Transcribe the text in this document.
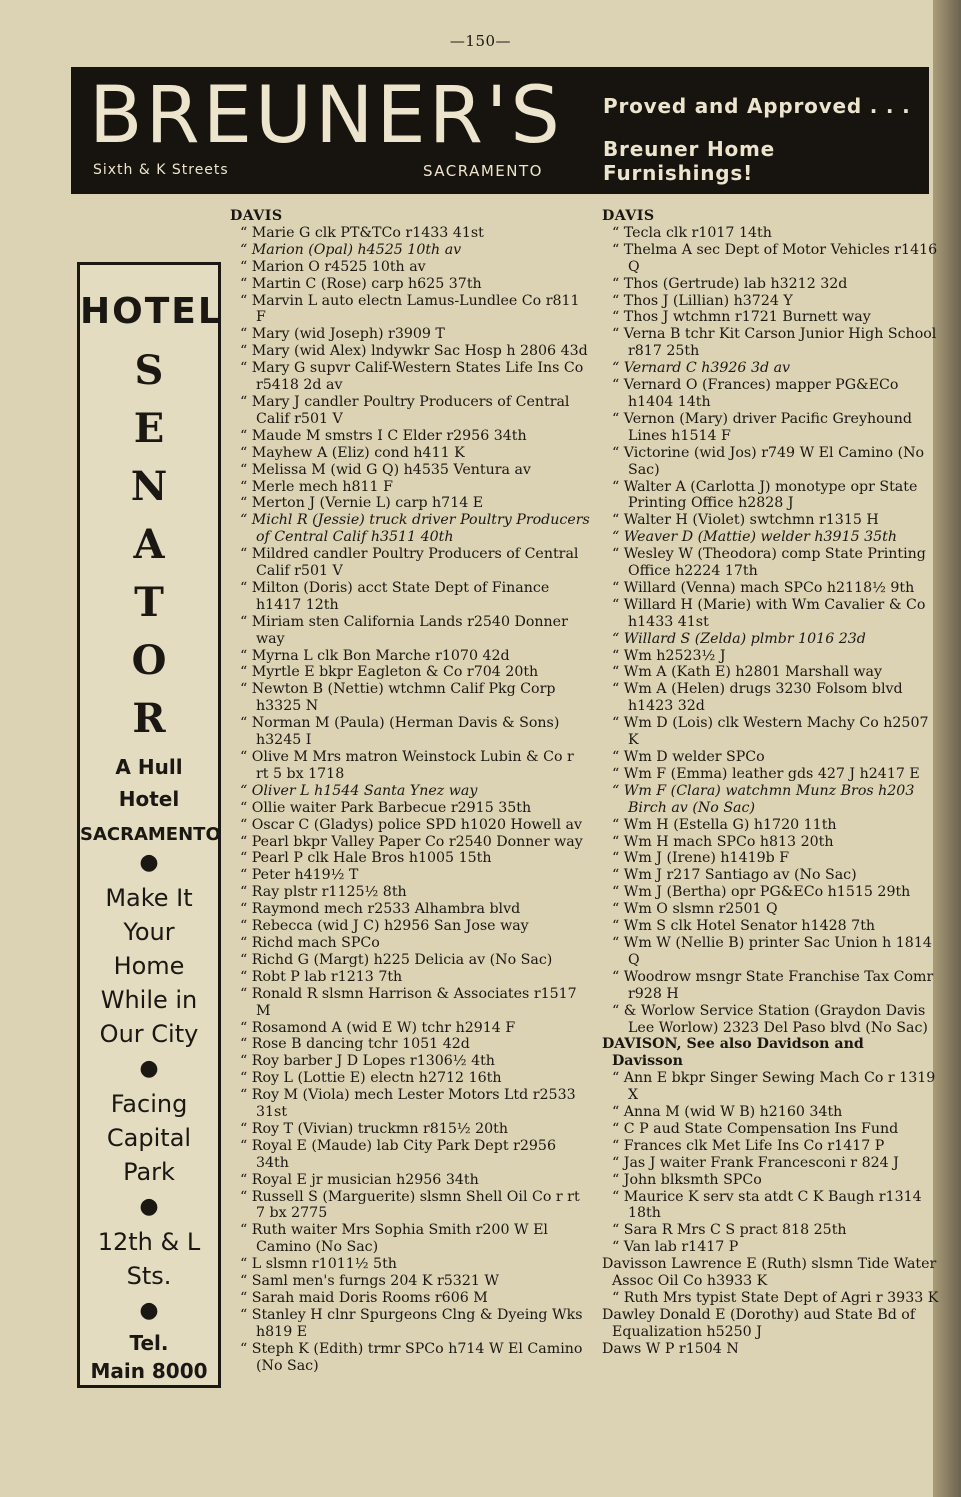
—150—
BREUNER'S
Sixth & K Streets	SACRAMENTO
Proved and Approved . . .
Breuner Home Furnishings!
HOTEL
S
E
N
A
T
O
R
A Hull
Hotel
SACRAMENTO
●
Make It
Your
Home
While in
Our City
●
Facing
Capital
Park
●
12th & L
Sts.
●
Tel.
Main 8000
DAVIS
“ Marie G clk PT&TCo r1433 41st
“ Marion (Opal) h4525 10th av
“ Marion O r4525 10th av
“ Martin C (Rose) carp h625 37th
“ Marvin L auto electn Lamus-Lundlee Co r811 F
“ Mary (wid Joseph) r3909 T
“ Mary (wid Alex) lndywkr Sac Hosp h 2806 43d
“ Mary G supvr Calif-Western States Life Ins Co r5418 2d av
“ Mary J candler Poultry Producers of Central Calif r501 V
“ Maude M smstrs I C Elder r2956 34th
“ Mayhew A (Eliz) cond h411 K
“ Melissa M (wid G Q) h4535 Ventura av
“ Merle mech h811 F
“ Merton J (Vernie L) carp h714 E
“ Michl R (Jessie) truck driver Poultry Producers of Central Calif h3511 40th
“ Mildred candler Poultry Producers of Central Calif r501 V
“ Milton (Doris) acct State Dept of Finance h1417 12th
“ Miriam sten California Lands r2540 Donner way
“ Myrna L clk Bon Marche r1070 42d
“ Myrtle E bkpr Eagleton & Co r704 20th
“ Newton B (Nettie) wtchmn Calif Pkg Corp h3325 N
“ Norman M (Paula) (Herman Davis & Sons) h3245 I
“ Olive M Mrs matron Weinstock Lubin & Co r rt 5 bx 1718
“ Oliver L h1544 Santa Ynez way
“ Ollie waiter Park Barbecue r2915 35th
“ Oscar C (Gladys) police SPD h1020 Howell av
“ Pearl bkpr Valley Paper Co r2540 Donner way
“ Pearl P clk Hale Bros h1005 15th
“ Peter h419½ T
“ Ray plstr r1125½ 8th
“ Raymond mech r2533 Alhambra blvd
“ Rebecca (wid J C) h2956 San Jose way
“ Richd mach SPCo
“ Richd G (Margt) h225 Delicia av (No Sac)
“ Robt P lab r1213 7th
“ Ronald R slsmn Harrison & Associates r1517 M
“ Rosamond A (wid E W) tchr h2914 F
“ Rose B dancing tchr 1051 42d
“ Roy barber J D Lopes r1306½ 4th
“ Roy L (Lottie E) electn h2712 16th
“ Roy M (Viola) mech Lester Motors Ltd r2533 31st
“ Roy T (Vivian) truckmn r815½ 20th
“ Royal E (Maude) lab City Park Dept r2956 34th
“ Royal E jr musician h2956 34th
“ Russell S (Marguerite) slsmn Shell Oil Co r rt 7 bx 2775
“ Ruth waiter Mrs Sophia Smith r200 W El Camino (No Sac)
“ L slsmn r1011½ 5th
“ Saml men's furngs 204 K r5321 W
“ Sarah maid Doris Rooms r606 M
“ Stanley H clnr Spurgeons Clng & Dyeing Wks h819 E
“ Steph K (Edith) trmr SPCo h714 W El Camino (No Sac)
DAVIS
“ Tecla clk r1017 14th
“ Thelma A sec Dept of Motor Vehicles r1416 Q
“ Thos (Gertrude) lab h3212 32d
“ Thos J (Lillian) h3724 Y
“ Thos J wtchmn r1721 Burnett way
“ Verna B tchr Kit Carson Junior High School r817 25th
“ Vernard C h3926 3d av
“ Vernard O (Frances) mapper PG&ECo h1404 14th
“ Vernon (Mary) driver Pacific Greyhound Lines h1514 F
“ Victorine (wid Jos) r749 W El Camino (No Sac)
“ Walter A (Carlotta J) monotype opr State Printing Office h2828 J
“ Walter H (Violet) swtchmn r1315 H
“ Weaver D (Mattie) welder h3915 35th
“ Wesley W (Theodora) comp State Printing Office h2224 17th
“ Willard (Venna) mach SPCo h2118½ 9th
“ Willard H (Marie) with Wm Cavalier & Co h1433 41st
“ Willard S (Zelda) plmbr 1016 23d
“ Wm h2523½ J
“ Wm A (Kath E) h2801 Marshall way
“ Wm A (Helen) drugs 3230 Folsom blvd h1423 32d
“ Wm D (Lois) clk Western Machy Co h2507 K
“ Wm D welder SPCo
“ Wm F (Emma) leather gds 427 J h2417 E
“ Wm F (Clara) watchmn Munz Bros h203 Birch av (No Sac)
“ Wm H (Estella G) h1720 11th
“ Wm H mach SPCo h813 20th
“ Wm J (Irene) h1419b F
“ Wm J r217 Santiago av (No Sac)
“ Wm J (Bertha) opr PG&ECo h1515 29th
“ Wm O slsmn r2501 Q
“ Wm S clk Hotel Senator h1428 7th
“ Wm W (Nellie B) printer Sac Union h 1814 Q
“ Woodrow msngr State Franchise Tax Comr r928 H
“ & Worlow Service Station (Graydon Davis Lee Worlow) 2323 Del Paso blvd (No Sac)
DAVISON, See also Davidson and Davisson
“ Ann E bkpr Singer Sewing Mach Co r 1319 X
“ Anna M (wid W B) h2160 34th
“ C P aud State Compensation Ins Fund
“ Frances clk Met Life Ins Co r1417 P
“ Jas J waiter Frank Francesconi r 824 J
“ John blksmth SPCo
“ Maurice K serv sta atdt C K Baugh r1314 18th
“ Sara R Mrs C S pract 818 25th
“ Van lab r1417 P
Davisson Lawrence E (Ruth) slsmn Tide Water Assoc Oil Co h3933 K
“ Ruth Mrs typist State Dept of Agri r 3933 K
Dawley Donald E (Dorothy) aud State Bd of Equalization h5250 J
Daws W P r1504 N
